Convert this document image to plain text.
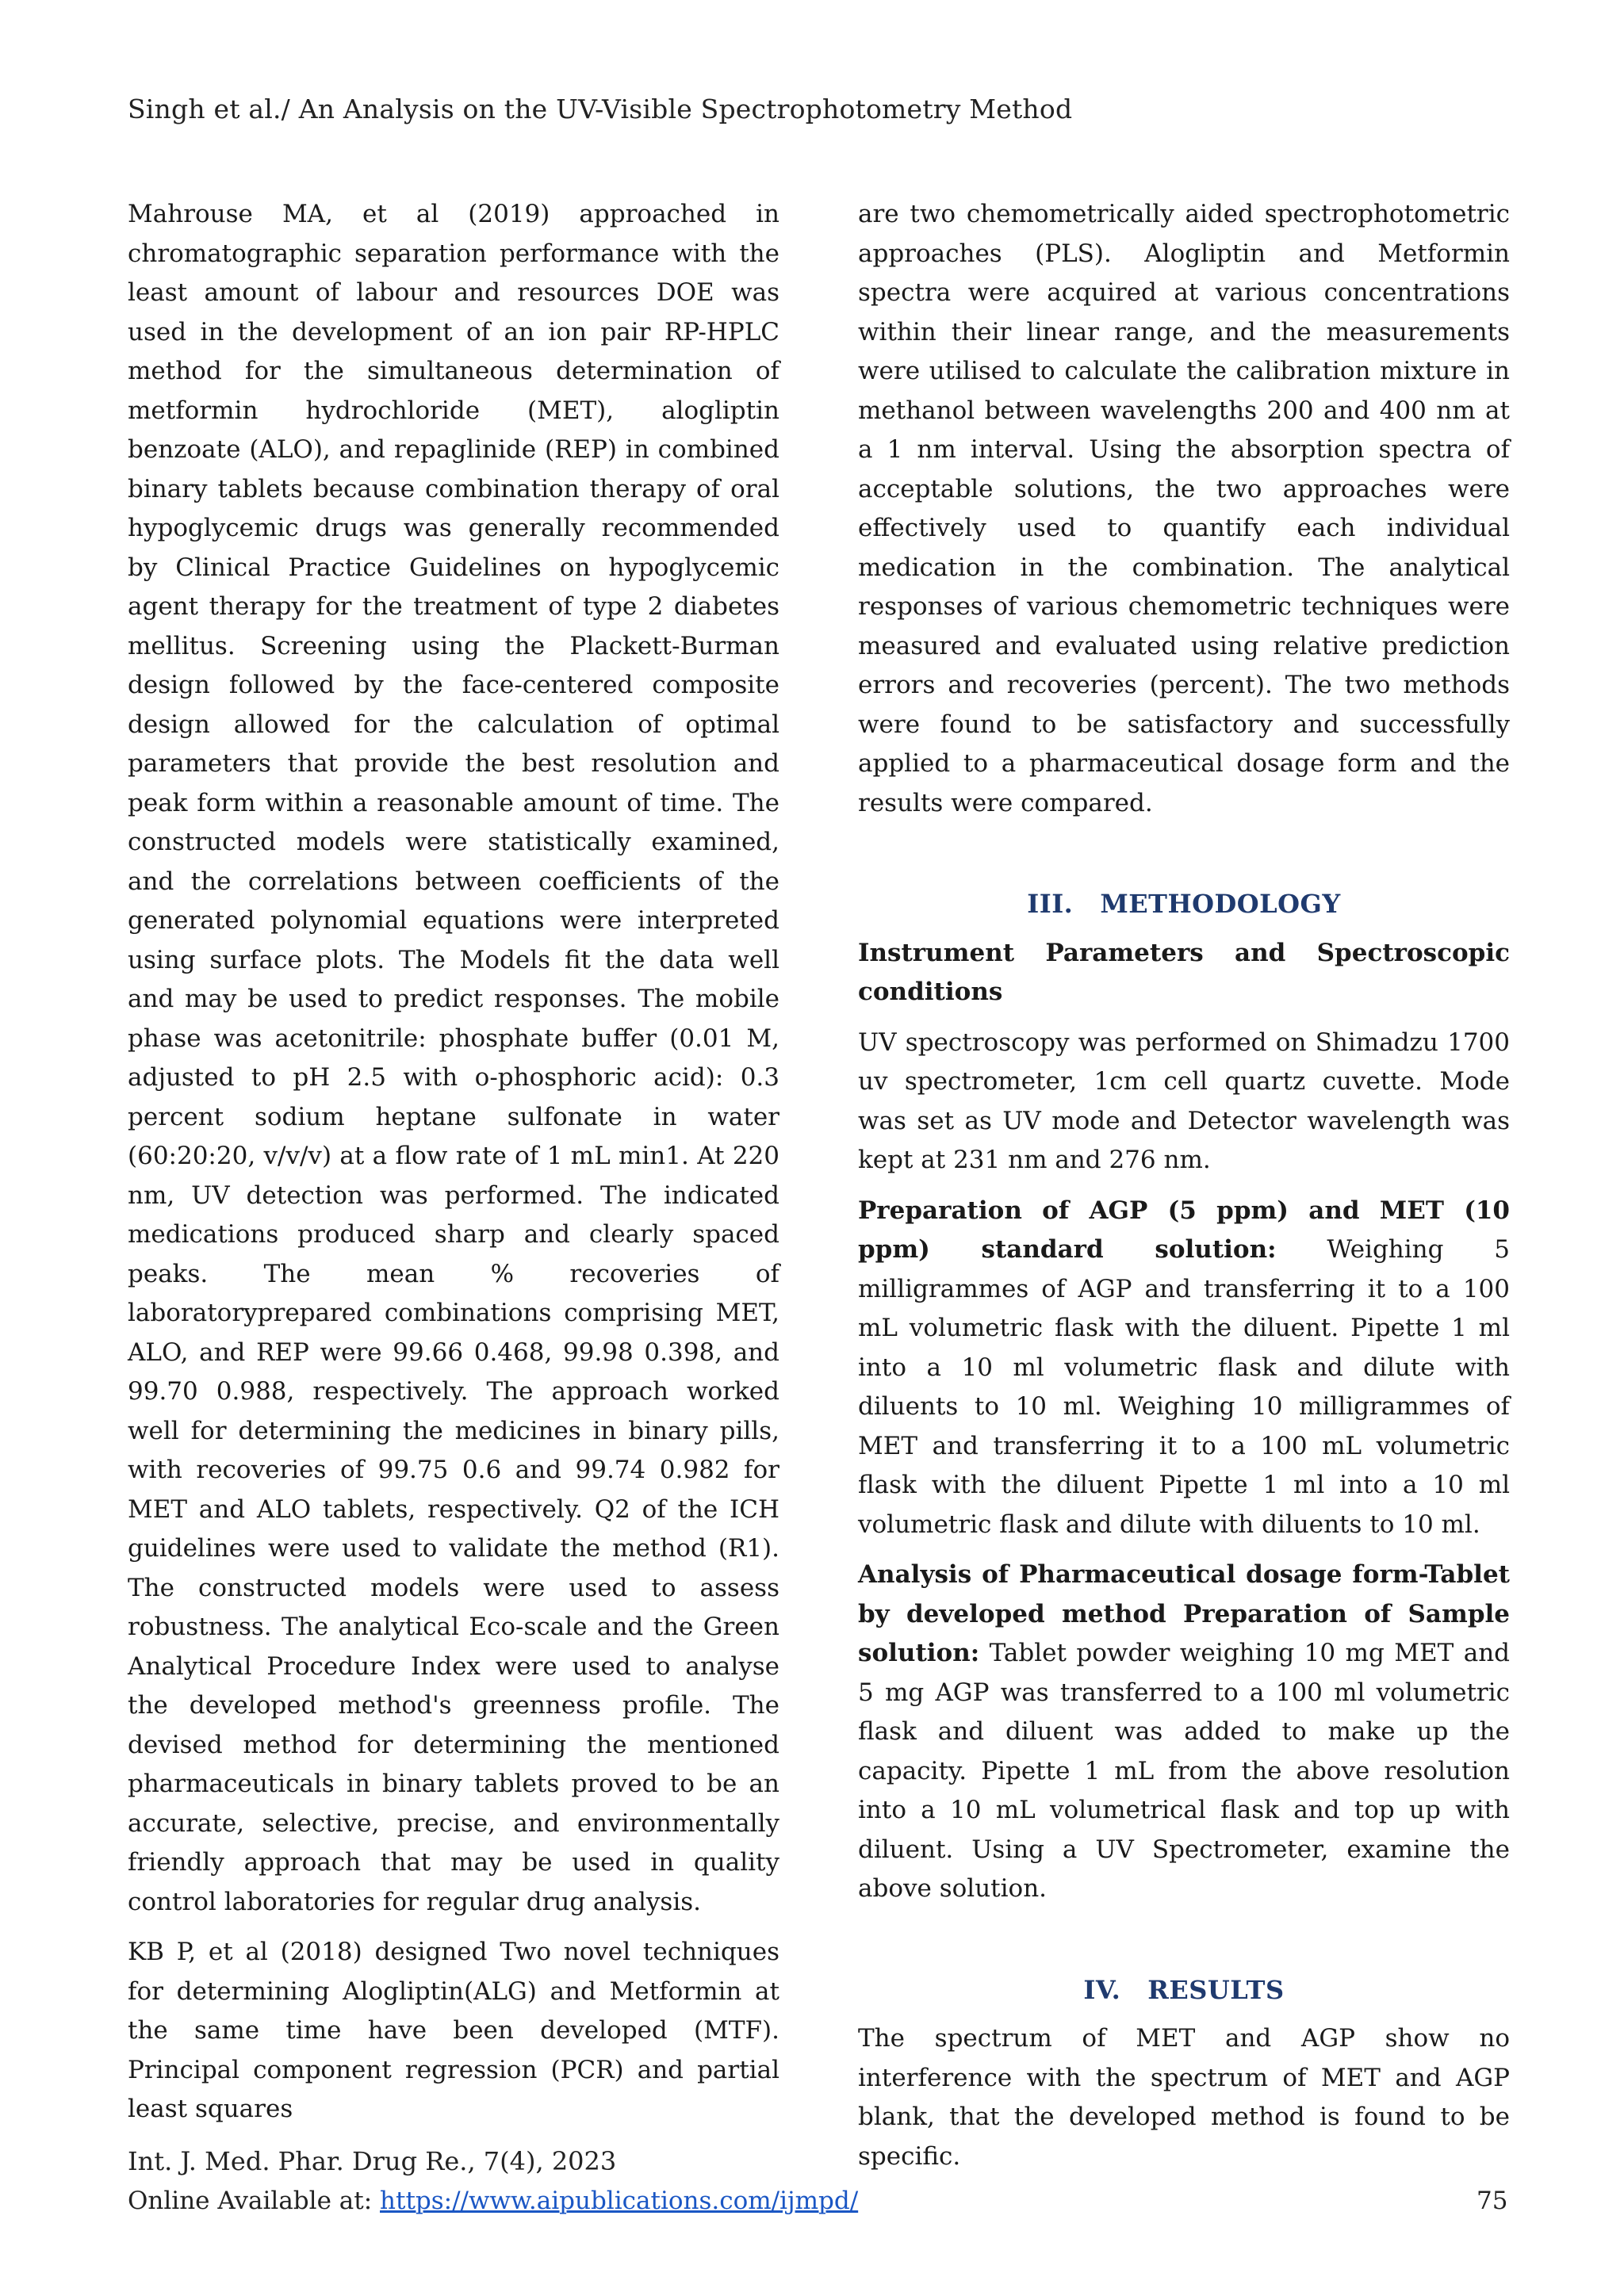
Singh et al./ An Analysis on the UV-Visible Spectrophotometry Method

Mahrouse MA, et al (2019) approached in chromatographic separation performance with the least amount of labour and resources DOE was used in the development of an ion pair RP-HPLC method for the simultaneous determination of metformin hydrochloride (MET), alogliptin benzoate (ALO), and repaglinide (REP) in combined binary tablets because combination therapy of oral hypoglycemic drugs was generally recommended by Clinical Practice Guidelines on hypoglycemic agent therapy for the treatment of type 2 diabetes mellitus. Screening using the Plackett-Burman design followed by the face-centered composite design allowed for the calculation of optimal parameters that provide the best resolution and peak form within a reasonable amount of time. The constructed models were statistically examined, and the correlations between coefficients of the generated polynomial equations were interpreted using surface plots. The Models fit the data well and may be used to predict responses. The mobile phase was acetonitrile: phosphate buffer (0.01 M, adjusted to pH 2.5 with o-phosphoric acid): 0.3 percent sodium heptane sulfonate in water (60:20:20, v/v/v) at a flow rate of 1 mL min1. At 220 nm, UV detection was performed. The indicated medications produced sharp and clearly spaced peaks. The mean % recoveries of laboratoryprepared combinations comprising MET, ALO, and REP were 99.66 0.468, 99.98 0.398, and 99.70 0.988, respectively. The approach worked well for determining the medicines in binary pills, with recoveries of 99.75 0.6 and 99.74 0.982 for MET and ALO tablets, respectively. Q2 of the ICH guidelines were used to validate the method (R1). The constructed models were used to assess robustness. The analytical Eco-scale and the Green Analytical Procedure Index were used to analyse the developed method's greenness profile. The devised method for determining the mentioned pharmaceuticals in binary tablets proved to be an accurate, selective, precise, and environmentally friendly approach that may be used in quality control laboratories for regular drug analysis.

KB P, et al (2018) designed Two novel techniques for determining Alogliptin(ALG) and Metformin at the same time have been developed (MTF). Principal component regression (PCR) and partial least squares

are two chemometrically aided spectrophotometric approaches (PLS). Alogliptin and Metformin spectra were acquired at various concentrations within their linear range, and the measurements were utilised to calculate the calibration mixture in methanol between wavelengths 200 and 400 nm at a 1 nm interval. Using the absorption spectra of acceptable solutions, the two approaches were effectively used to quantify each individual medication in the combination. The analytical responses of various chemometric techniques were measured and evaluated using relative prediction errors and recoveries (percent). The two methods were found to be satisfactory and successfully applied to a pharmaceutical dosage form and the results were compared.

III. METHODOLOGY
Instrument Parameters and Spectroscopic conditions

UV spectroscopy was performed on Shimadzu 1700 uv spectrometer, 1cm cell quartz cuvette. Mode was set as UV mode and Detector wavelength was kept at 231 nm and 276 nm.

Preparation of AGP (5 ppm) and MET (10 ppm) standard solution: Weighing 5 milligrammes of AGP and transferring it to a 100 mL volumetric flask with the diluent. Pipette 1 ml into a 10 ml volumetric flask and dilute with diluents to 10 ml. Weighing 10 milligrammes of MET and transferring it to a 100 mL volumetric flask with the diluent Pipette 1 ml into a 10 ml volumetric flask and dilute with diluents to 10 ml.

Analysis of Pharmaceutical dosage form-Tablet by developed method Preparation of Sample solution: Tablet powder weighing 10 mg MET and 5 mg AGP was transferred to a 100 ml volumetric flask and diluent was added to make up the capacity. Pipette 1 mL from the above resolution into a 10 mL volumetrical flask and top up with diluent. Using a UV Spectrometer, examine the above solution.

IV. RESULTS

The spectrum of MET and AGP show no interference with the spectrum of MET and AGP blank, that the developed method is found to be specific.

Int. J. Med. Phar. Drug Re., 7(4), 2023
Online Available at: https://www.aipublications.com/ijmpd/	75
